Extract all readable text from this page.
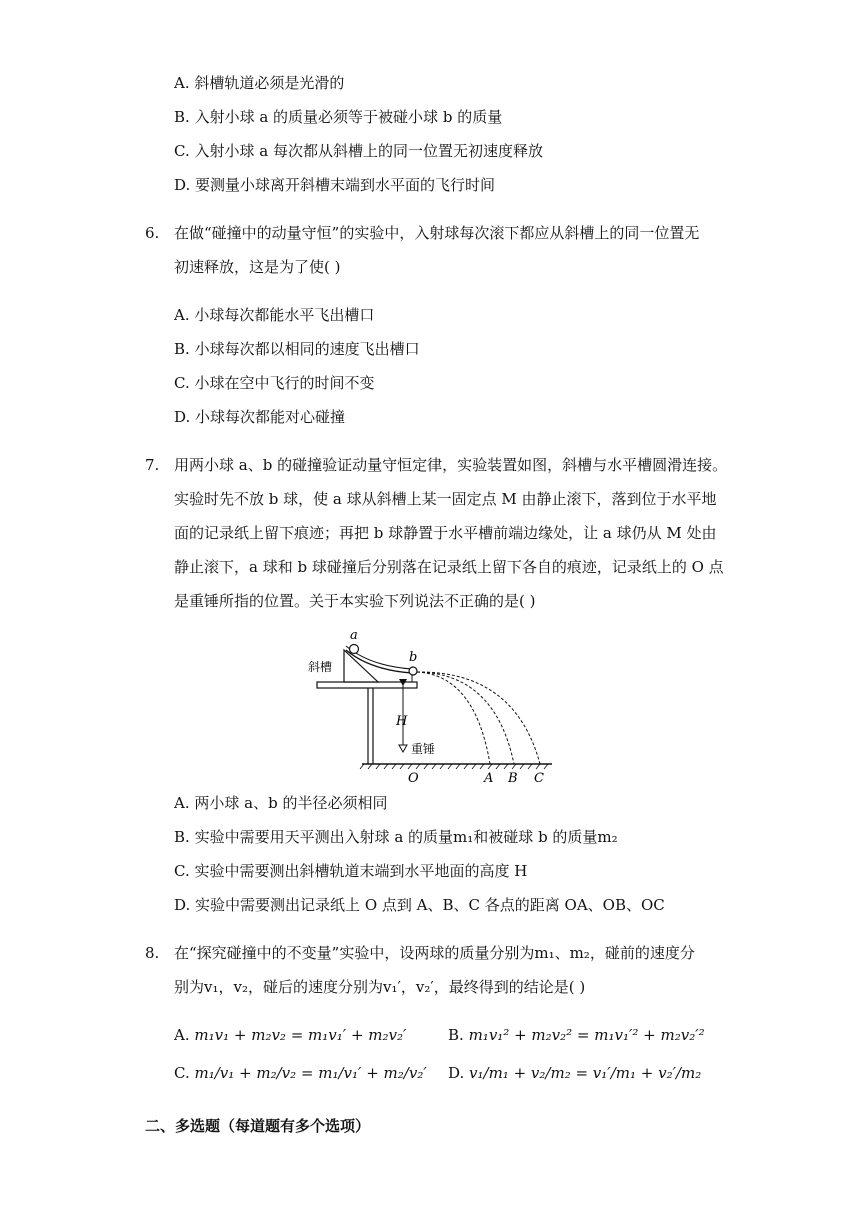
A. 斜槽轨道必须是光滑的
B. 入射小球 a 的质量必须等于被碰小球 b 的质量
C. 入射小球 a 每次都从斜槽上的同一位置无初速度释放
D. 要测量小球离开斜槽末端到水平面的飞行时间
6. 在做“碰撞中的动量守恒”的实验中，入射球每次滚下都应从斜槽上的同一位置无
初速释放，这是为了使( )
A. 小球每次都能水平飞出槽口
B. 小球每次都以相同的速度飞出槽口
C. 小球在空中飞行的时间不变
D. 小球每次都能对心碰撞
7. 用两小球 a、b 的碰撞验证动量守恒定律，实验装置如图，斜槽与水平槽圆滑连接。
实验时先不放 b 球，使 a 球从斜槽上某一固定点 M 由静止滚下，落到位于水平地
面的记录纸上留下痕迹；再把 b 球静置于水平槽前端边缘处，让 a 球仍从 M 处由
静止滚下，a 球和 b 球碰撞后分别落在记录纸上留下各自的痕迹，记录纸上的 O 点
是重锤所指的位置。关于本实验下列说法不正确的是( )
a
b
斜槽
H
重锤
O	A B C
A. 两小球 a、b 的半径必须相同
B. 实验中需要用天平测出入射球 a 的质量m₁和被碰球 b 的质量m₂
C. 实验中需要测出斜槽轨道末端到水平地面的高度 H
D. 实验中需要测出记录纸上 O 点到 A、B、C 各点的距离 OA、OB、OC
8. 在“探究碰撞中的不变量”实验中，设两球的质量分别为m₁、m₂，碰前的速度分
别为v₁，v₂，碰后的速度分别为v₁′，v₂′，最终得到的结论是( )
A. m₁v₁ + m₂v₂ = m₁v₁′ + m₂v₂′	B. m₁v₁² + m₂v₂² = m₁v₁′² + m₂v₂′²
C. m₁/v₁ + m₂/v₂ = m₁/v₁′ + m₂/v₂′ D. v₁/m₁ + v₂/m₂ = v₁′/m₁ + v₂′/m₂
二、多选题（每道题有多个选项）
